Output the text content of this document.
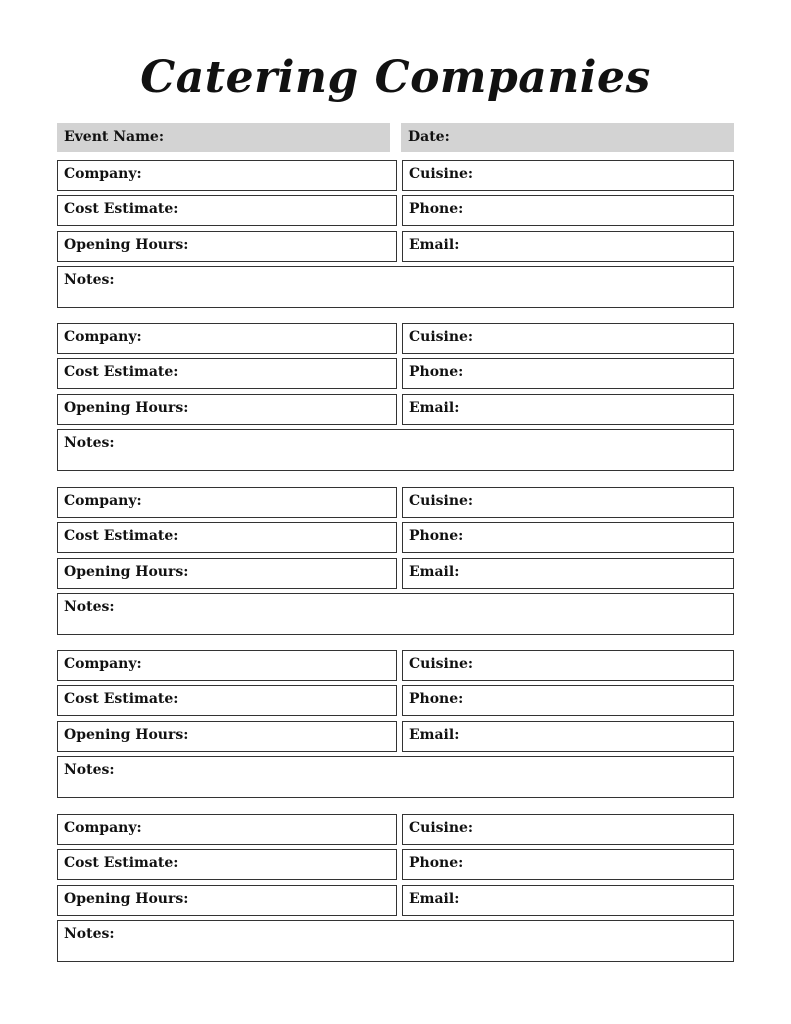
Catering Companies
Event Name:	Date:
Company:	Cuisine:
Cost Estimate:	Phone:
Opening Hours:	Email:
Notes:
Company:	Cuisine:
Cost Estimate:	Phone:
Opening Hours:	Email:
Notes:
Company:	Cuisine:
Cost Estimate:	Phone:
Opening Hours:	Email:
Notes:
Company:	Cuisine:
Cost Estimate:	Phone:
Opening Hours:	Email:
Notes:
Company:	Cuisine:
Cost Estimate:	Phone:
Opening Hours:	Email:
Notes:
